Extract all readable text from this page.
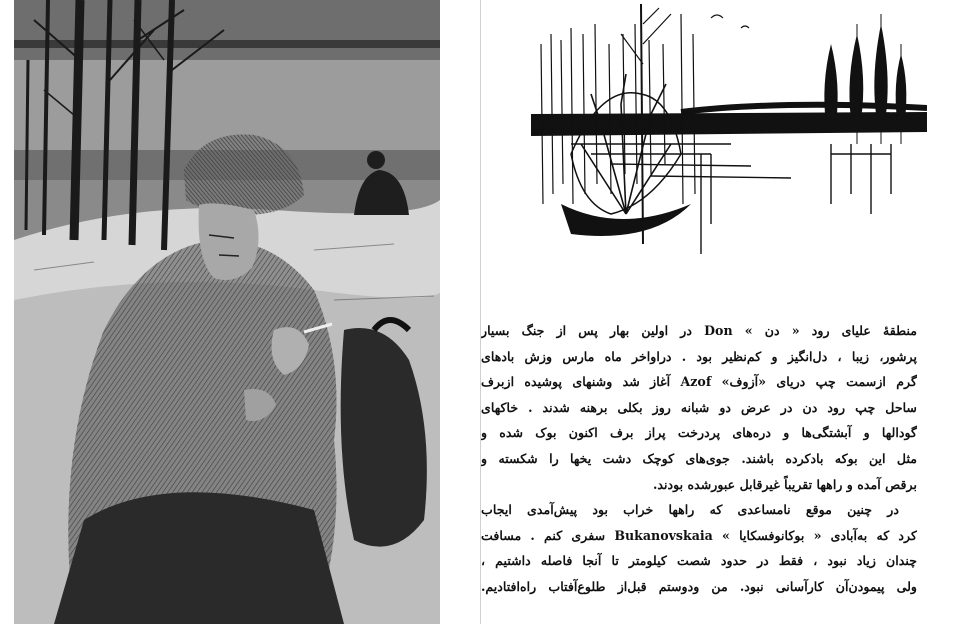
منطقهٔ علیای رود « دن » Don در اولین بهار پس از جنگ بسیار
پرشور، زیبا ، دل‌انگیز و کم‌نظیر بود . دراواخر ماه مارس وزش بادهای
گرم ازسمت چپ دریای «آزوف» Azof آغاز شد وشنهای پوشیده ازبرف
ساحل چپ رود دن در عرض دو شبانه روز بکلی برهنه شدند . خاکهای
گودالها و آبشتگی‌ها و دره‌های پردرخت پراز برف اکنون بوک شده و
مثل این بوکه بادکرده باشند. جوی‌های کوچک دشت یخها را شکسته و
برقص آمده و راهها تقریباً غیرقابل عبورشده بودند.
در چنین موقع نامساعدی که راهها خراب بود پیش‌آمدی ایجاب
کرد که به‌آبادی « بوکانوفسکایا » Bukanovskaia سفری کنم . مسافت
چندان زیاد نبود ، فقط در حدود شصت کیلومتر تا آنجا فاصله داشتیم ،
ولی پیمودن‌آن کارآسانی نبود. من ودوستم قبل‌از طلوع‌آفتاب راه‌افتادیم.
